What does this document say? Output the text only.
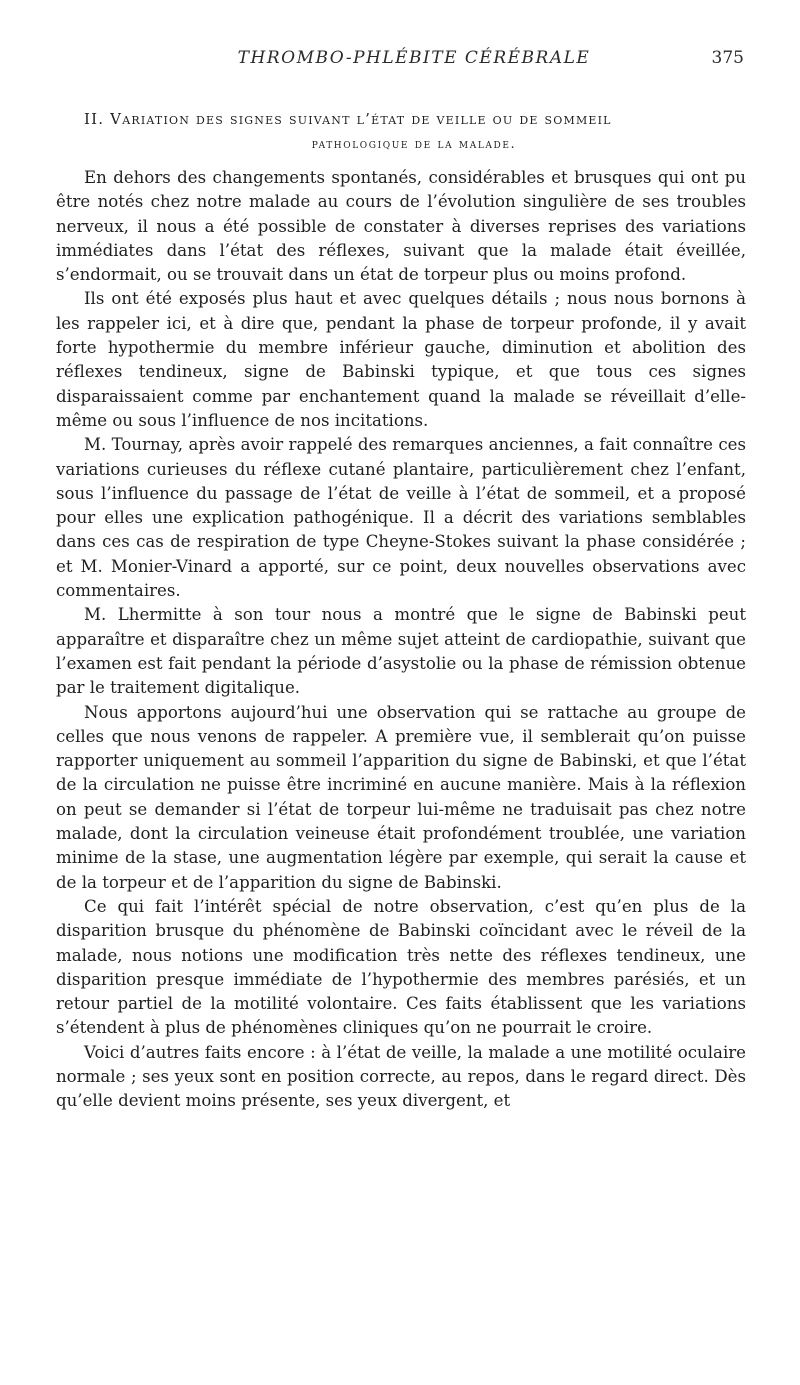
THROMBO-PHLÉBITE CÉRÉBRALE	375
II. Variation des signes suivant l’état de veille ou de sommeil
pathologique de la malade.

En dehors des changements spontanés, considérables et brusques qui ont pu être notés chez notre malade au cours de l’évolution singulière de ses troubles nerveux, il nous a été possible de constater à diverses reprises des variations immédiates dans l’état des réflexes, suivant que la malade était éveillée, s’endormait, ou se trouvait dans un état de torpeur plus ou moins profond.

Ils ont été exposés plus haut et avec quelques détails ; nous nous bornons à les rappeler ici, et à dire que, pendant la phase de torpeur profonde, il y avait forte hypothermie du membre inférieur gauche, diminution et abolition des réflexes tendineux, signe de Babinski typique, et que tous ces signes disparaissaient comme par enchantement quand la malade se réveillait d’elle-même ou sous l’influence de nos incitations.

M. Tournay, après avoir rappelé des remarques anciennes, a fait connaître ces variations curieuses du réflexe cutané plantaire, particulièrement chez l’enfant, sous l’influence du passage de l’état de veille à l’état de sommeil, et a proposé pour elles une explication pathogénique. Il a décrit des variations semblables dans ces cas de respiration de type Cheyne-Stokes suivant la phase considérée ; et M. Monier-Vinard a apporté, sur ce point, deux nouvelles observations avec commentaires.

M. Lhermitte à son tour nous a montré que le signe de Babinski peut apparaître et disparaître chez un même sujet atteint de cardiopathie, suivant que l’examen est fait pendant la période d’asystolie ou la phase de rémission obtenue par le traitement digitalique.

Nous apportons aujourd’hui une observation qui se rattache au groupe de celles que nous venons de rappeler. A première vue, il semblerait qu’on puisse rapporter uniquement au sommeil l’apparition du signe de Babinski, et que l’état de la circulation ne puisse être incriminé en aucune manière. Mais à la réflexion on peut se demander si l’état de torpeur lui-même ne traduisait pas chez notre malade, dont la circulation veineuse était profondément troublée, une variation minime de la stase, une augmentation légère par exemple, qui serait la cause et de la torpeur et de l’apparition du signe de Babinski.

Ce qui fait l’intérêt spécial de notre observation, c’est qu’en plus de la disparition brusque du phénomène de Babinski coïncidant avec le réveil de la malade, nous notions une modification très nette des réflexes tendineux, une disparition presque immédiate de l’hypothermie des membres parésiés, et un retour partiel de la motilité volontaire. Ces faits établissent que les variations s’étendent à plus de phénomènes cliniques qu’on ne pourrait le croire.

Voici d’autres faits encore : à l’état de veille, la malade a une motilité oculaire normale ; ses yeux sont en position correcte, au repos, dans le regard direct. Dès qu’elle devient moins présente, ses yeux divergent, et
